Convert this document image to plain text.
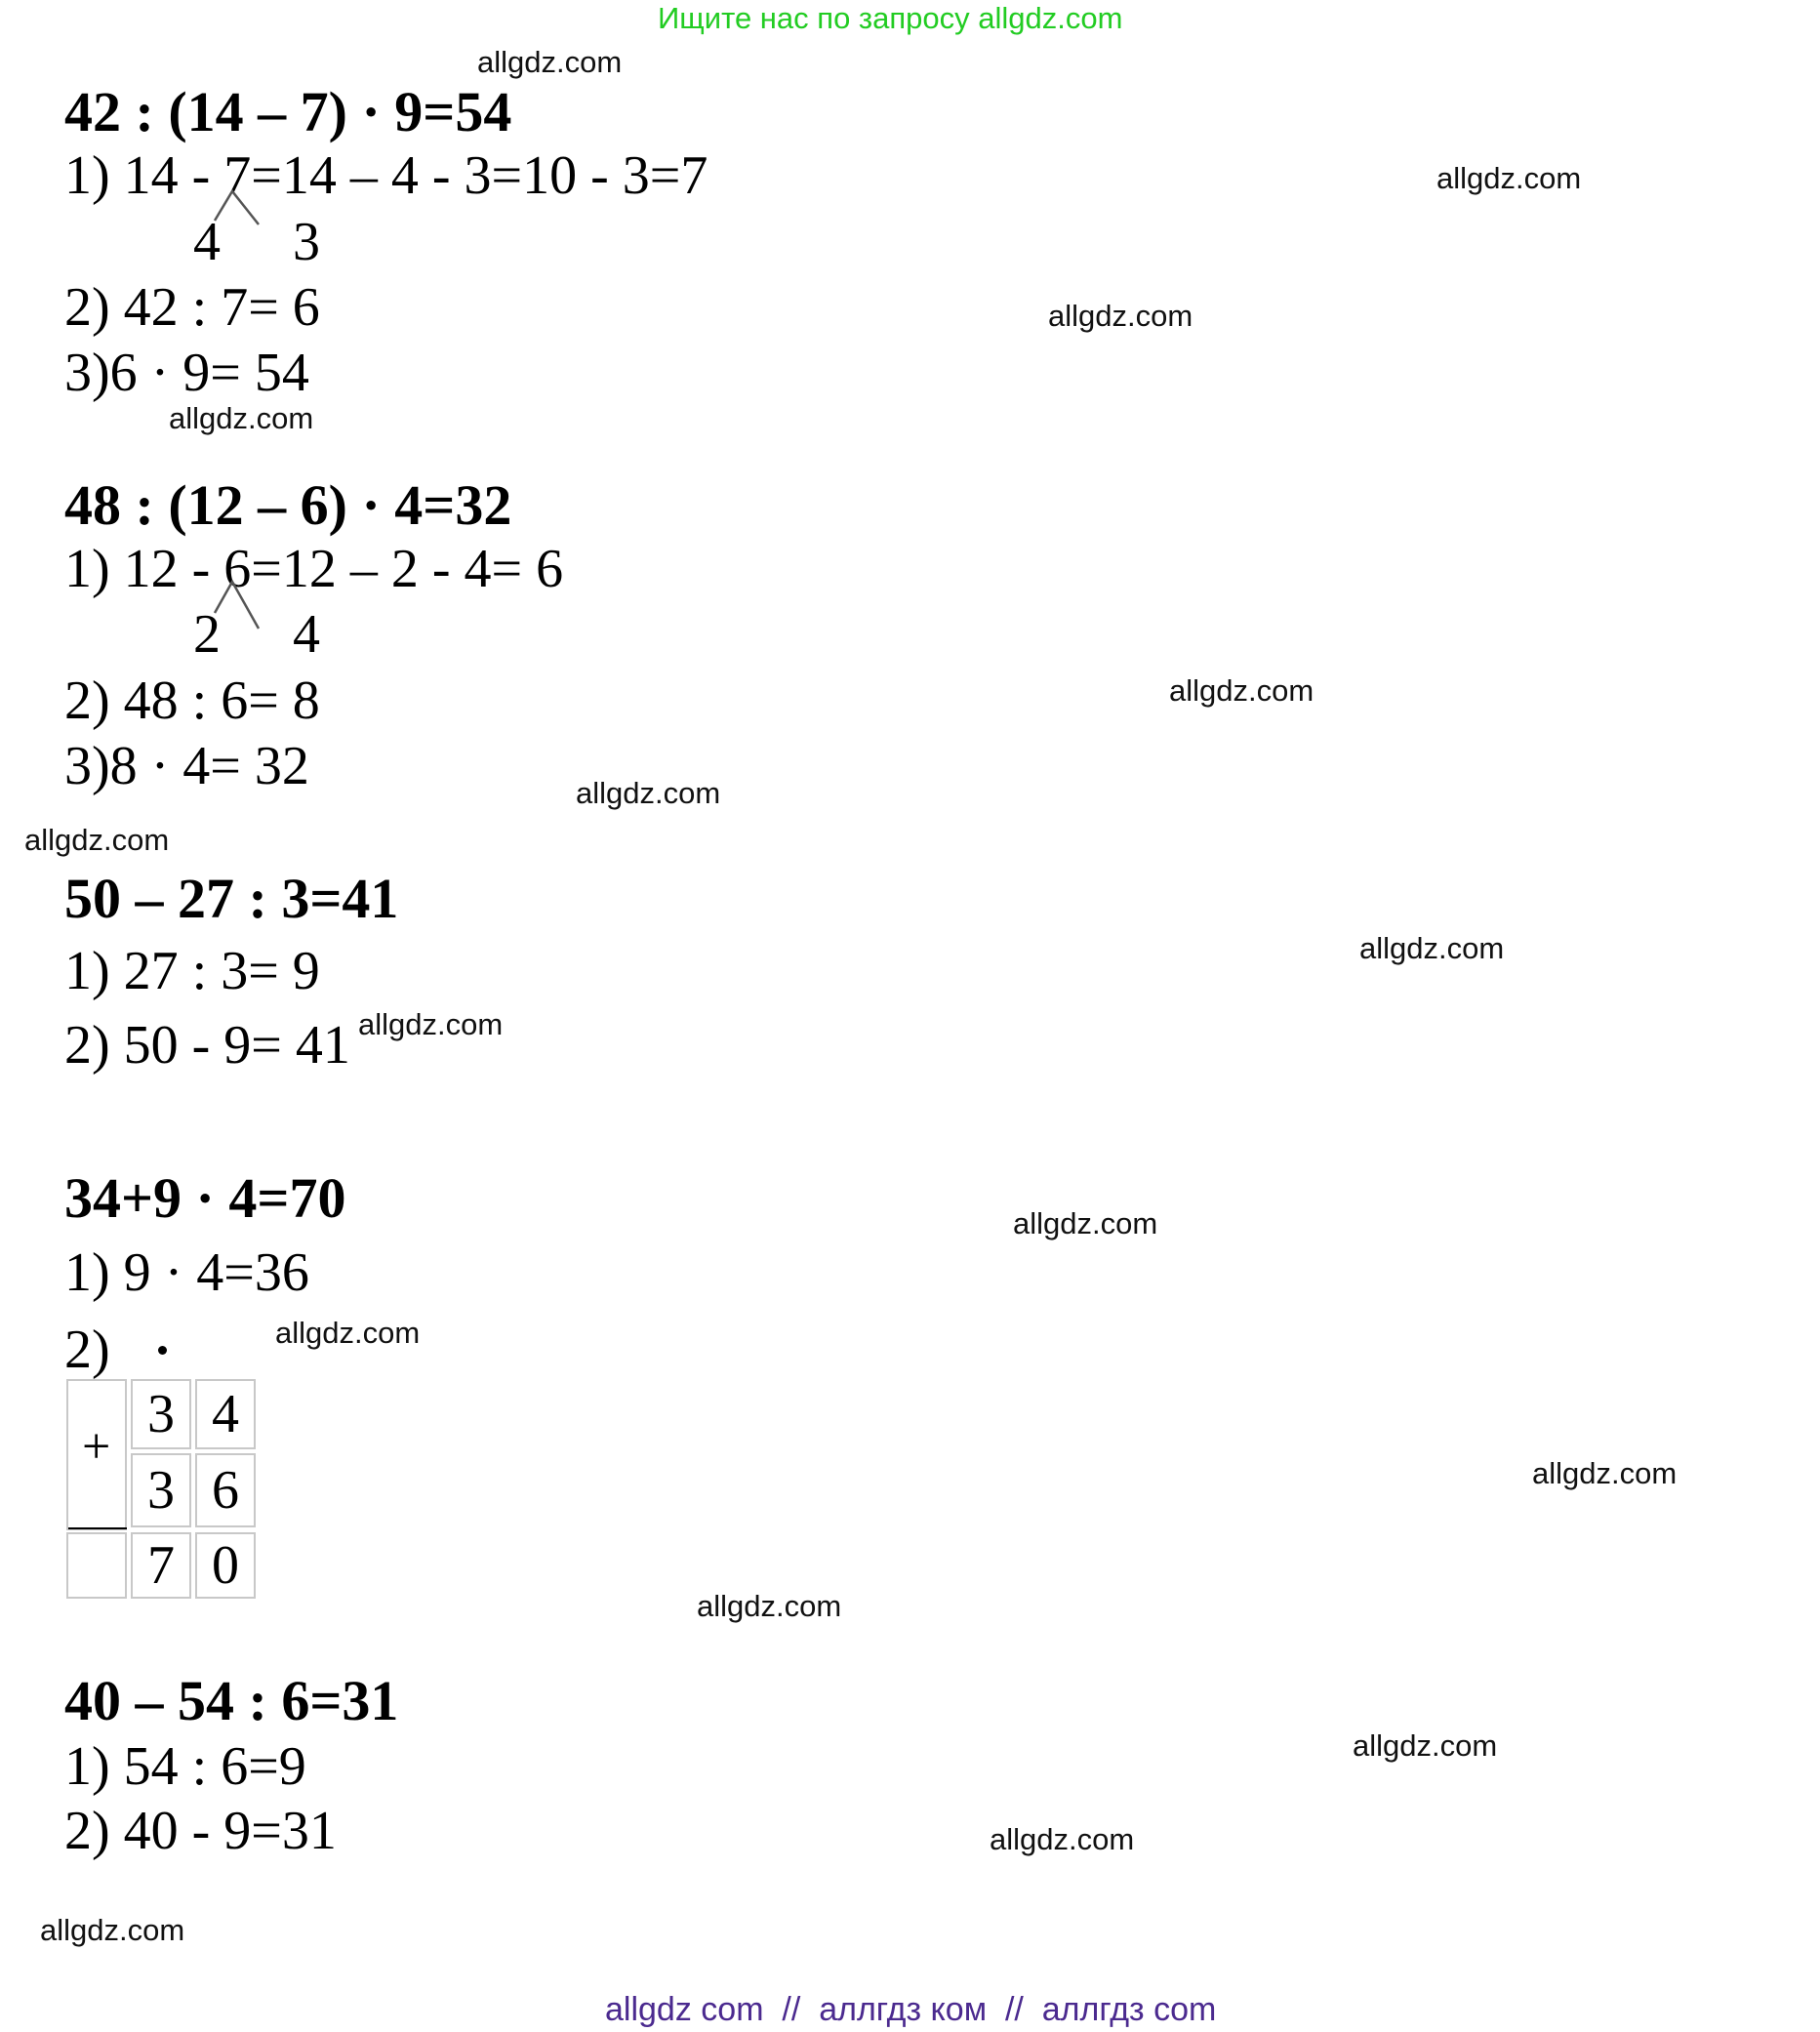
Ищите нас по запросу allgdz.com
allgdz.com
allgdz.com
allgdz.com
allgdz.com
allgdz.com
allgdz.com
allgdz.com
allgdz.com
allgdz.com
allgdz.com
allgdz.com
allgdz.com
allgdz.com
allgdz.com
allgdz.com
allgdz.com
42 : (14 – 7) · 9=54
1) 14 - 7=14 – 4 - 3=10 - 3=7
4 3
2) 42 : 7= 6
3)6 · 9= 54
48 : (12 – 6) · 4=32
1) 12 - 6=12 – 2 - 4= 6
2 4
2) 48 : 6= 8
3)8 · 4= 32
50 – 27 : 3=41
1) 27 : 3= 9
2) 50 - 9= 41
34+9 · 4=70
1) 9 · 4=36
2)
+
3 4
3 6
7 0
40 – 54 : 6=31
1) 54 : 6=9
2) 40 - 9=31
allgdz com  //  аллгдз ком  //  аллгдз com
